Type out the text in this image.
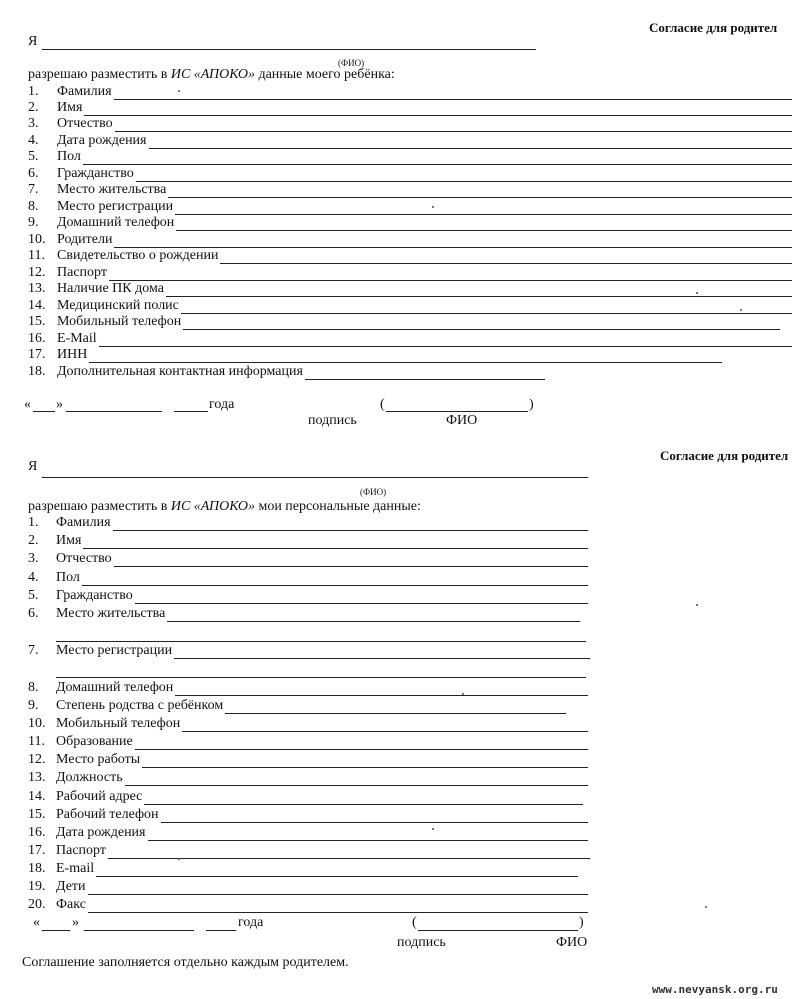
Согласие для родител
Я
(ФИО)
разрешаю разместить в ИС «АПОКО» данные моего ребёнка:
1. Фамилия
2. Имя
3. Отчество
4. Дата рождения
5. Пол
6. Гражданство
7. Место жительства
8. Место регистрации
9. Домашний телефон
10. Родители
11. Свидетельство о рождении
12. Паспорт
13. Наличие ПК дома
14. Медицинский полис
15. Мобильный телефон
16. E-Mail
17. ИНН
18. Дополнительная контактная информация
« »	года	(	)
подпись	ФИО
Согласие для родител
Я
(ФИО)
разрешаю разместить в ИС «АПОКО» мои персональные данные:
1. Фамилия
2. Имя
3. Отчество
4. Пол
5. Гражданство
6. Место жительства
7. Место регистрации
8. Домашний телефон
9. Степень родства с ребёнком
10. Мобильный телефон
11. Образование
12. Место работы
13. Должность
14. Рабочий адрес
15. Рабочий телефон
16. Дата рождения
17. Паспорт
18. E-mail
19. Дети
20. Факс
« »	года	(	)
подпись	ФИО
Соглашение заполняется отдельно каждым родителем.
www.nevyansk.org.ru
